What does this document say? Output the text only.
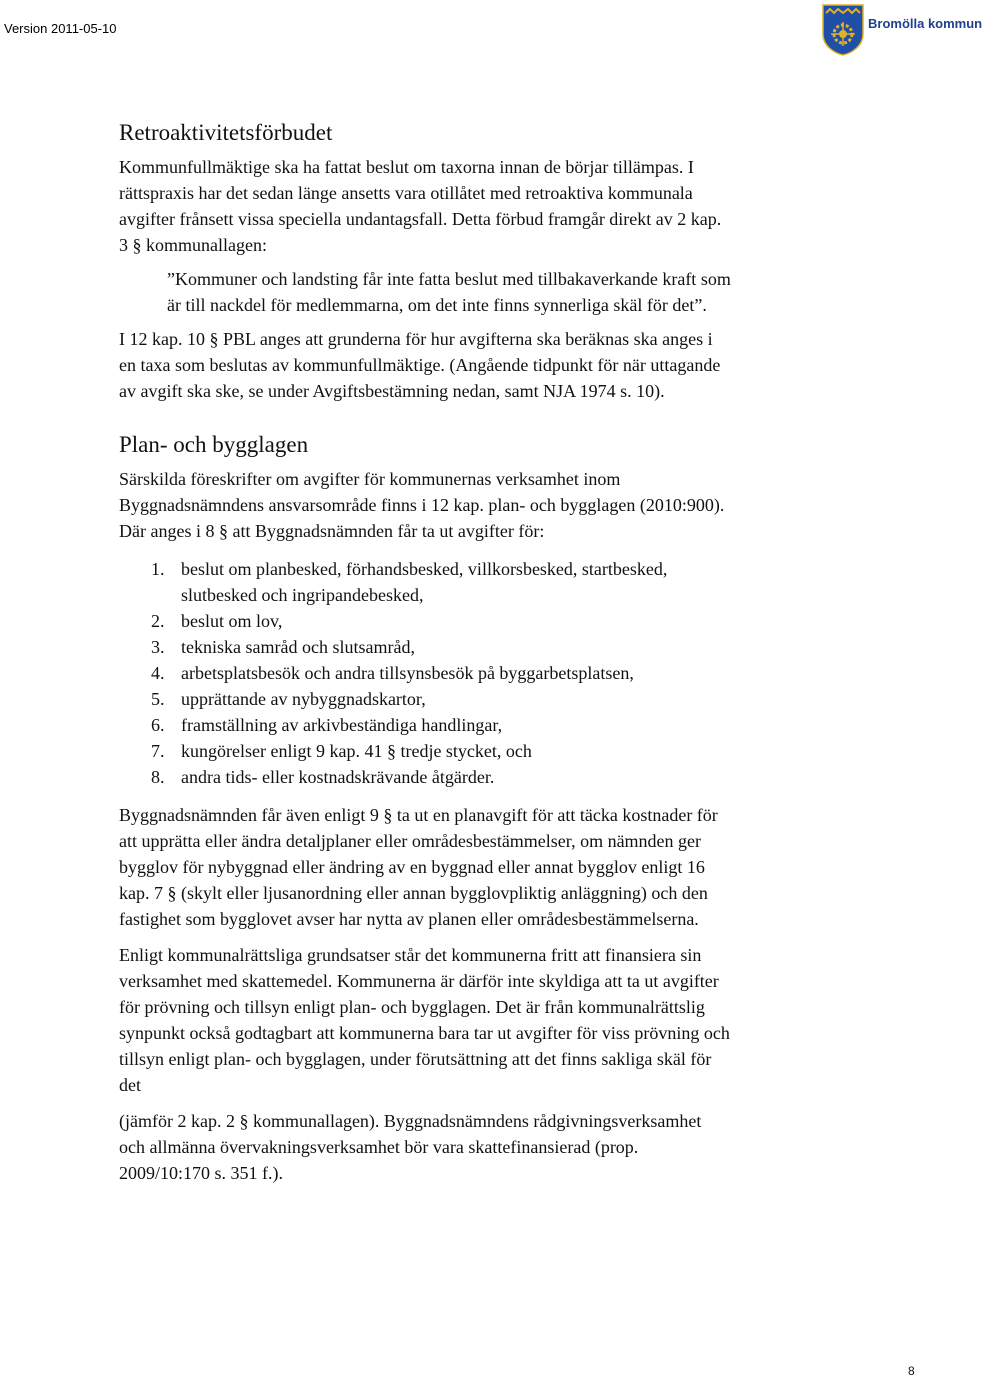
Version 2011-05-10	Bromölla kommun
Retroaktivitetsförbudet

Kommunfullmäktige ska ha fattat beslut om taxorna innan de börjar tillämpas. I rättspraxis har det sedan länge ansetts vara otillåtet med retroaktiva kommunala avgifter frånsett vissa speciella undantagsfall. Detta förbud framgår direkt av 2 kap. 3 § kommunallagen:

”Kommuner och landsting får inte fatta beslut med tillbakaverkande kraft som är till nackdel för medlemmarna, om det inte finns synnerliga skäl för det”.

I 12 kap. 10 § PBL anges att grunderna för hur avgifterna ska beräknas ska anges i en taxa som beslutas av kommunfullmäktige. (Angående tidpunkt för när uttagande av avgift ska ske, se under Avgiftsbestämning nedan, samt NJA 1974 s. 10).

Plan- och bygglagen

Särskilda föreskrifter om avgifter för kommunernas verksamhet inom Byggnadsnämndens ansvarsområde finns i 12 kap. plan- och bygglagen (2010:900). Där anges i 8 § att Byggnadsnämnden får ta ut avgifter för:

1. beslut om planbesked, förhandsbesked, villkorsbesked, startbesked, slutbesked och ingripandebesked,
2. beslut om lov,
3. tekniska samråd och slutsamråd,
4. arbetsplatsbesök och andra tillsynsbesök på byggarbetsplatsen,
5. upprättande av nybyggnadskartor,
6. framställning av arkivbeständiga handlingar,
7. kungörelser enligt 9 kap. 41 § tredje stycket, och
8. andra tids- eller kostnadskrävande åtgärder.

Byggnadsnämnden får även enligt 9 § ta ut en planavgift för att täcka kostnader för att upprätta eller ändra detaljplaner eller områdesbestämmelser, om nämnden ger bygglov för nybyggnad eller ändring av en byggnad eller annat bygglov enligt 16 kap. 7 § (skylt eller ljusanordning eller annan bygglovpliktig anläggning) och den fastighet som bygglovet avser har nytta av planen eller områdesbestämmelserna.

Enligt kommunalrättsliga grundsatser står det kommunerna fritt att finansiera sin verksamhet med skattemedel. Kommunerna är därför inte skyldiga att ta ut avgifter för prövning och tillsyn enligt plan- och bygglagen. Det är från kommunalrättslig synpunkt också godtagbart att kommunerna bara tar ut avgifter för viss prövning och tillsyn enligt plan- och bygglagen, under förutsättning att det finns sakliga skäl för det

(jämför 2 kap. 2 § kommunallagen). Byggnadsnämndens rådgivningsverksamhet och allmänna övervakningsverksamhet bör vara skattefinansierad (prop. 2009/10:170 s. 351 f.).

8
